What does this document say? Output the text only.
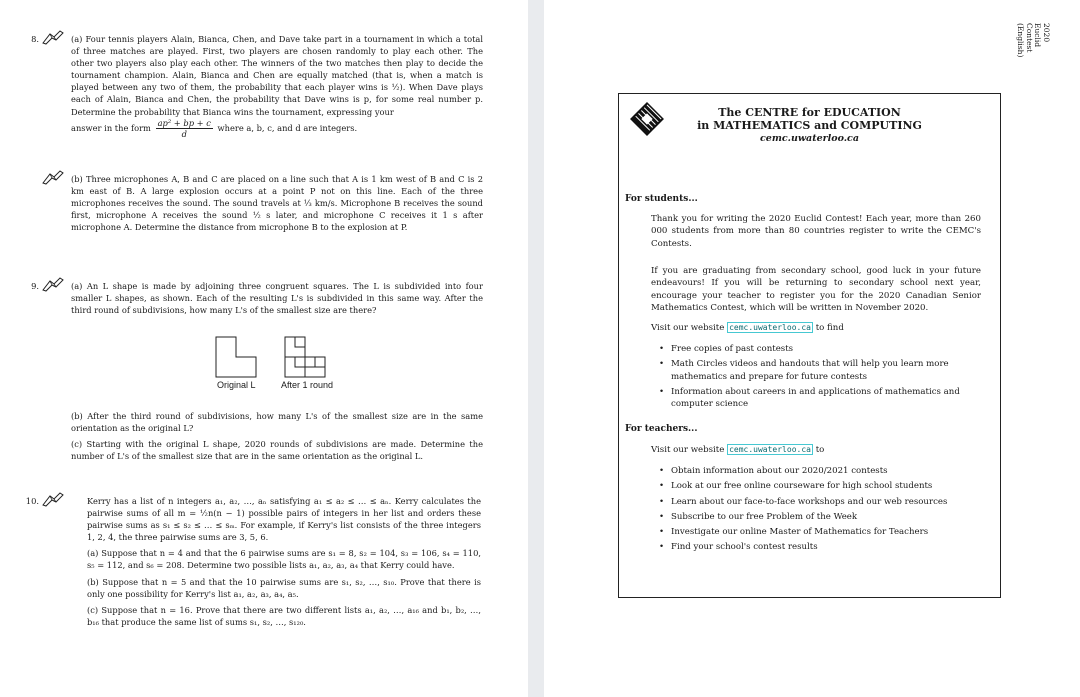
8.	(a) Four tennis players Alain, Bianca, Chen, and Dave take part in a tournament in which a total of three matches are played. First, two players are chosen randomly to play each other. The other two players also play each other. The winners of the two matches then play to decide the tournament champion. Alain, Bianca and Chen are equally matched (that is, when a match is played between any two of them, the probability that each player wins is ½). When Dave plays each of Alain, Bianca and Chen, the probability that Dave wins is p, for some real number p. Determine the probability that Bianca wins the tournament, expressing your
answer in the form $\frac{\text{ap² + bp + c}}{d}$ where a, b, c, and d are integers.
(b) Three microphones A, B and C are placed on a line such that A is 1 km west of B and C is 2 km east of B. A large explosion occurs at a point P not on this line. Each of the three microphones receives the sound. The sound travels at ⅓ km/s. Microphone B receives the sound first, microphone A receives the sound ½ s later, and microphone C receives it 1 s after microphone A. Determine the distance from microphone B to the explosion at P.
9.	(a) An L shape is made by adjoining three congruent squares. The L is subdivided into four smaller L shapes, as shown. Each of the resulting L's is subdivided in this same way. After the third round of subdivisions, how many L's of the smallest size are there?
Original L	After 1 round
(b) After the third round of subdivisions, how many L's of the smallest size are in the same orientation as the original L?
(c) Starting with the original L shape, 2020 rounds of subdivisions are made. Determine the number of L's of the smallest size that are in the same orientation as the original L.
10.	Kerry has a list of n integers a₁, a₂, …, aₙ satisfying a₁ ≤ a₂ ≤ … ≤ aₙ. Kerry calculates the pairwise sums of all m = ½n(n − 1) possible pairs of integers in her list and orders these pairwise sums as s₁ ≤ s₂ ≤ … ≤ sₘ. For example, if Kerry's list consists of the three integers 1, 2, 4, the three pairwise sums are 3, 5, 6.
(a) Suppose that n = 4 and that the 6 pairwise sums are s₁ = 8, s₂ = 104, s₃ = 106, s₄ = 110, s₅ = 112, and s₆ = 208. Determine two possible lists a₁, a₂, a₃, a₄ that Kerry could have.
(b) Suppose that n = 5 and that the 10 pairwise sums are s₁, s₂, …, s₁₀. Prove that there is only one possibility for Kerry's list a₁, a₂, a₃, a₄, a₅.
(c) Suppose that n = 16. Prove that there are two different lists a₁, a₂, …, a₁₆ and b₁, b₂, …, b₁₆ that produce the same list of sums s₁, s₂, …, s₁₂₀.
2020
Euclid
Contest
(English)
The CENTRE for EDUCATION
in MATHEMATICS and COMPUTING
cemc.uwaterloo.ca
For students...
Thank you for writing the 2020 Euclid Contest! Each year, more than 260 000 students from more than 80 countries register to write the CEMC's Contests.
If you are graduating from secondary school, good luck in your future endeavours! If you will be returning to secondary school next year, encourage your teacher to register you for the 2020 Canadian Senior Mathematics Contest, which will be written in November 2020.
Visit our website cemc.uwaterloo.ca to find
• Free copies of past contests
• Math Circles videos and handouts that will help you learn more mathematics and prepare for future contests
• Information about careers in and applications of mathematics and computer science
For teachers...
Visit our website cemc.uwaterloo.ca to
• Obtain information about our 2020/2021 contests
• Look at our free online courseware for high school students
• Learn about our face-to-face workshops and our web resources
• Subscribe to our free Problem of the Week
• Investigate our online Master of Mathematics for Teachers
• Find your school's contest results
